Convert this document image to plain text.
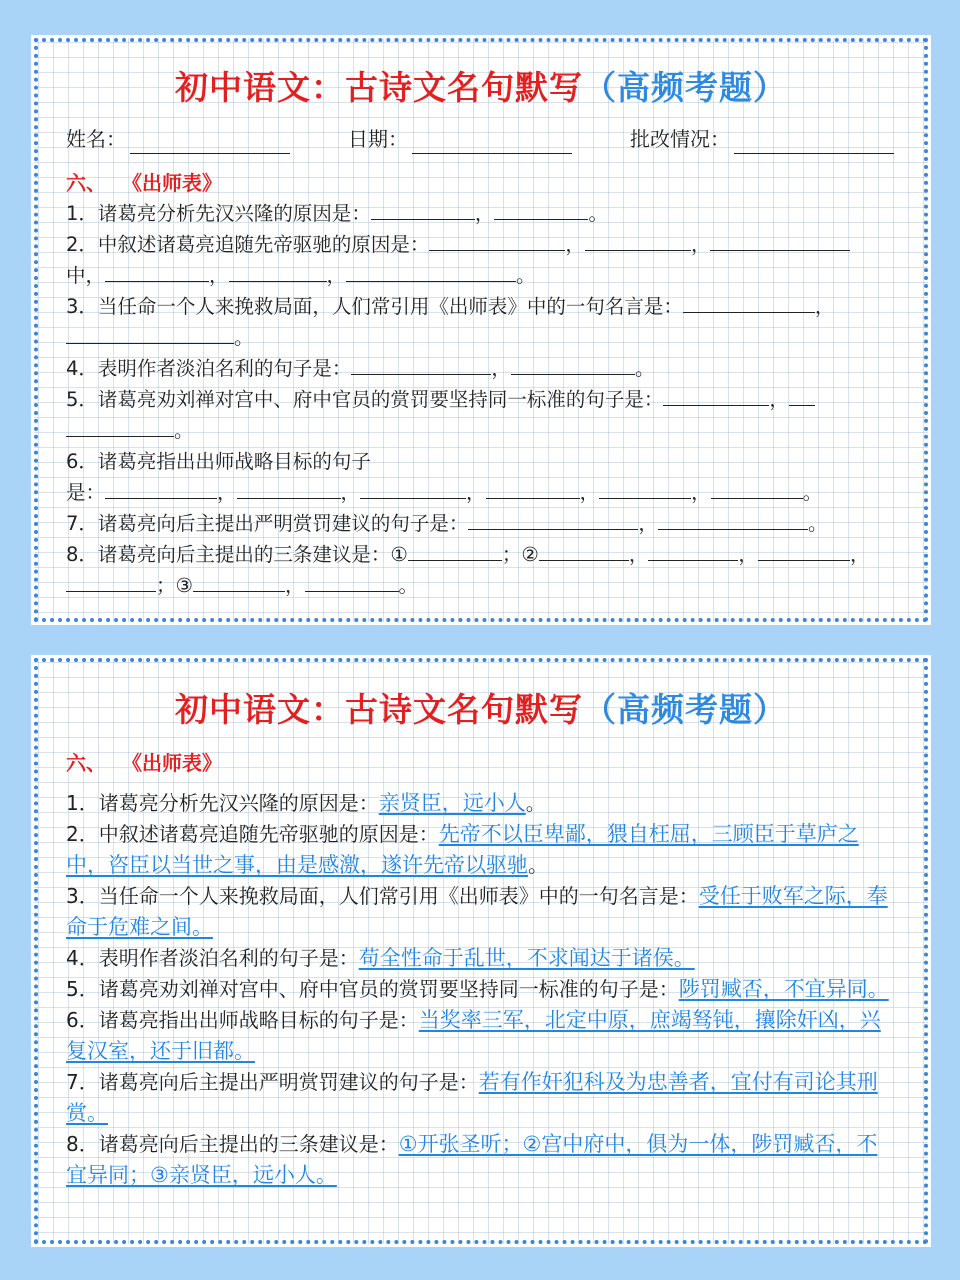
初中语文：古诗文名句默写（高频考题）
姓名：	日期：	批改情况：
六、 《出师表》
1．诸葛亮分析先汉兴隆的原因是：	，	。
2．中叙述诸葛亮追随先帝驱驰的原因是：	，	，
中，	，	，	。
3．当任命一个人来挽救局面，人们常引用《出师表》中的一句名言是：	，
。
4．表明作者淡泊名利的句子是：	，	。
5．诸葛亮劝刘禅对宫中、府中官员的赏罚要坚持同一标准的句子是：	，
。
6．诸葛亮指出出师战略目标的句子
是：	，	，	，	，	，	。
7．诸葛亮向后主提出严明赏罚建议的句子是：	，	。
8．诸葛亮向后主提出的三条建议是：①	；②	，	，	，
；③	，	。
初中语文：古诗文名句默写（高频考题）
六、 《出师表》
1．诸葛亮分析先汉兴隆的原因是：亲贤臣，远小人。
2．中叙述诸葛亮追随先帝驱驰的原因是：先帝不以臣卑鄙，猥自枉屈，三顾臣于草庐之中，咨臣以当世之事，由是感激，遂许先帝以驱驰。
3．当任命一个人来挽救局面，人们常引用《出师表》中的一句名言是：受任于败军之际，奉命于危难之间。
4．表明作者淡泊名利的句子是：苟全性命于乱世，不求闻达于诸侯。
5．诸葛亮劝刘禅对宫中、府中官员的赏罚要坚持同一标准的句子是：陟罚臧否，不宜异同。
6．诸葛亮指出出师战略目标的句子是：当奖率三军，北定中原，庶竭驽钝，攘除奸凶，兴复汉室，还于旧都。
7．诸葛亮向后主提出严明赏罚建议的句子是：若有作奸犯科及为忠善者，宜付有司论其刑赏。
8．诸葛亮向后主提出的三条建议是：①开张圣听；②宫中府中，俱为一体，陟罚臧否，不宜异同；③亲贤臣，远小人。
